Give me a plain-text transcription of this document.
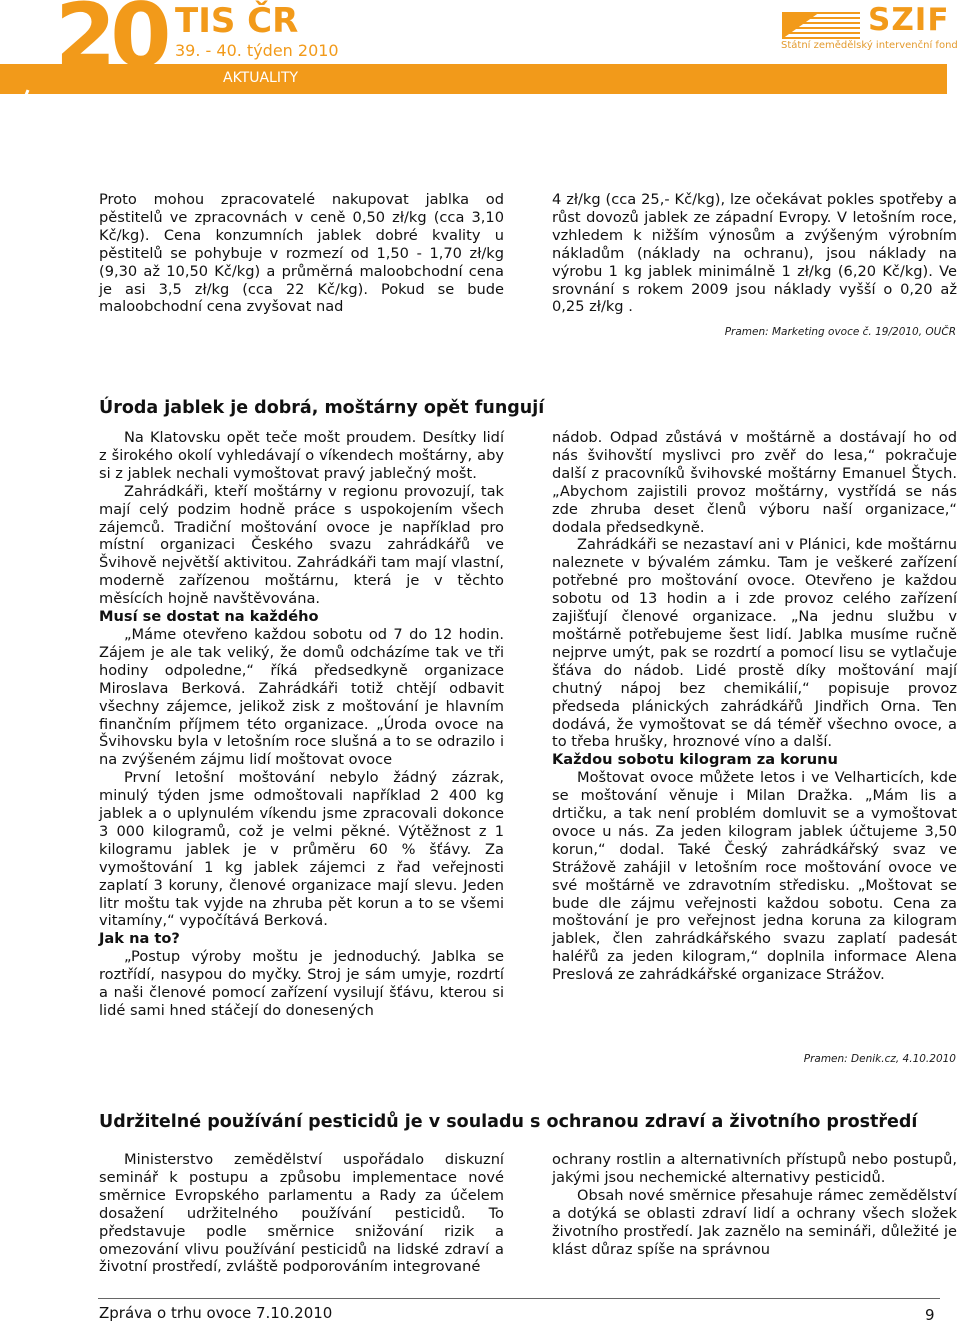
AKTUALITY
20 TIS ČR
39. - 40. týden 2010
SZIF
Státní zemědělský intervenční fond

Proto mohou zpracovatelé nakupovat jablka od pěstitelů ve zpracovnách v ceně 0,50 zł/kg (cca 3,10 Kč/kg). Cena konzumních jablek dobré kvality u pěstitelů se pohybuje v rozmezí od 1,50 - 1,70 zł/kg (9,30 až 10,50 Kč/kg) a průměrná maloobchodní cena je asi 3,5 zł/kg (cca 22 Kč/kg). Pokud se bude maloobchodní cena zvyšovat nad

4 zł/kg (cca 25,- Kč/kg), lze očekávat pokles spotřeby a růst dovozů jablek ze západní Evropy. V letošním roce, vzhledem k nižším výnosům a zvýšeným výrobním nákladům (náklady na ochranu), jsou náklady na výrobu 1 kg jablek minimálně 1 zł/kg (6,20 Kč/kg). Ve srovnání s rokem 2009 jsou náklady vyšší o 0,20 až 0,25 zł/kg .

Pramen: Marketing ovoce č. 19/2010, OUČR
Úroda jablek je dobrá, moštárny opět fungují

Na Klatovsku opět teče mošt proudem. Desítky lidí z širokého okolí vyhledávají o víkendech moštárny, aby si z jablek nechali vymoštovat pravý jablečný mošt.

Zahrádkáři, kteří moštárny v regionu provozují, tak mají celý podzim hodně práce s uspokojením všech zájemců. Tradiční moštování ovoce je například pro místní organizaci Českého svazu zahrádkářů ve Švihově největší aktivitou. Zahrádkáři tam mají vlastní, moderně zařízenou moštárnu, která je v těchto měsících hojně navštěvována.

Musí se dostat na každého

„Máme otevřeno každou sobotu od 7 do 12 hodin. Zájem je ale tak veliký, že domů odcházíme tak ve tři hodiny odpoledne,“ říká předsedkyně organizace Miroslava Berková. Zahrádkáři totiž chtějí odbavit všechny zájemce, jelikož zisk z moštování je hlavním finančním příjmem této organizace. „Úroda ovoce na Švihovsku byla v letošním roce slušná a to se odrazilo i na zvýšeném zájmu lidí moštovat ovoce

První letošní moštování nebylo žádný zázrak, minulý týden jsme odmoštovali například 2 400 kg jablek a o uplynulém víkendu jsme zpracovali dokonce 3 000 kilogramů, což je velmi pěkné. Výtěžnost z 1 kilogramu jablek je v průměru 60 % šťávy. Za vymoštování 1 kg jablek zájemci z řad veřejnosti zaplatí 3 koruny, členové organizace mají slevu. Jeden litr moštu tak vyjde na zhruba pět korun a to se všemi vitamíny,“ vypočítává Berková.

Jak na to?

„Postup výroby moštu je jednoduchý. Jablka se roztřídí, nasypou do myčky. Stroj je sám umyje, rozdrtí a naši členové pomocí zařízení vysilují šťávu, kterou si lidé sami hned stáčejí do donesených

nádob. Odpad zůstává v moštárně a dostávají ho od nás švihovští myslivci pro zvěř do lesa,“ pokračuje další z pracovníků švihovské moštárny Emanuel Štych. „Abychom zajistili provoz moštárny, vystřídá se nás zde zhruba deset členů výboru naší organizace,“ dodala předsedkyně.

Zahrádkáři se nezastaví ani v Plánici, kde moštárnu naleznete v bývalém zámku. Tam je veškeré zařízení potřebné pro moštování ovoce. Otevřeno je každou sobotu od 13 hodin a i zde provoz celého zařízení zajišťují členové organizace. „Na jednu službu v moštárně potřebujeme šest lidí. Jablka musíme ručně nejprve umýt, pak se rozdrtí a pomocí lisu se vytlačuje šťáva do nádob. Lidé prostě díky moštování mají chutný nápoj bez chemikálií,“ popisuje provoz předseda plánických zahrádkářů Jindřich Orna. Ten dodává, že vymoštovat se dá téměř všechno ovoce, a to třeba hrušky, hroznové víno a další.

Každou sobotu kilogram za korunu

Moštovat ovoce můžete letos i ve Velharticích, kde se moštování věnuje i Milan Dražka. „Mám lis a drtičku, a tak není problém domluvit se a vymoštovat ovoce u nás. Za jeden kilogram jablek účtujeme 3,50 korun,“ dodal. Také Český zahrádkářský svaz ve Strážově zahájil v letošním roce moštování ovoce ve své moštárně ve zdravotním středisku. „Moštovat se bude dle zájmu veřejnosti každou sobotu. Cena za moštování je pro veřejnost jedna koruna za kilogram jablek, člen zahrádkářského svazu zaplatí padesát haléřů za jeden kilogram,“ doplnila informace Alena Preslová ze zahrádkářské organizace Strážov.

Pramen: Denik.cz, 4.10.2010
Udržitelné používání pesticidů je v souladu s ochranou zdraví a životního prostředí

Ministerstvo zemědělství uspořádalo diskuzní seminář k postupu a způsobu implementace nové směrnice Evropského parlamentu a Rady za účelem dosažení udržitelného používání pesticidů. To představuje podle směrnice snižování rizik a omezování vlivu používání pesticidů na lidské zdraví a životní prostředí, zvláště podporováním integrované

ochrany rostlin a alternativních přístupů nebo postupů, jakými jsou nechemické alternativy pesticidů.

Obsah nové směrnice přesahuje rámec zemědělství a dotýká se oblasti zdraví lidí a ochrany všech složek životního prostředí. Jak zaznělo na semináři, důležité je klást důraz spíše na správnou

Zpráva o trhu ovoce 7.10.2010	9
